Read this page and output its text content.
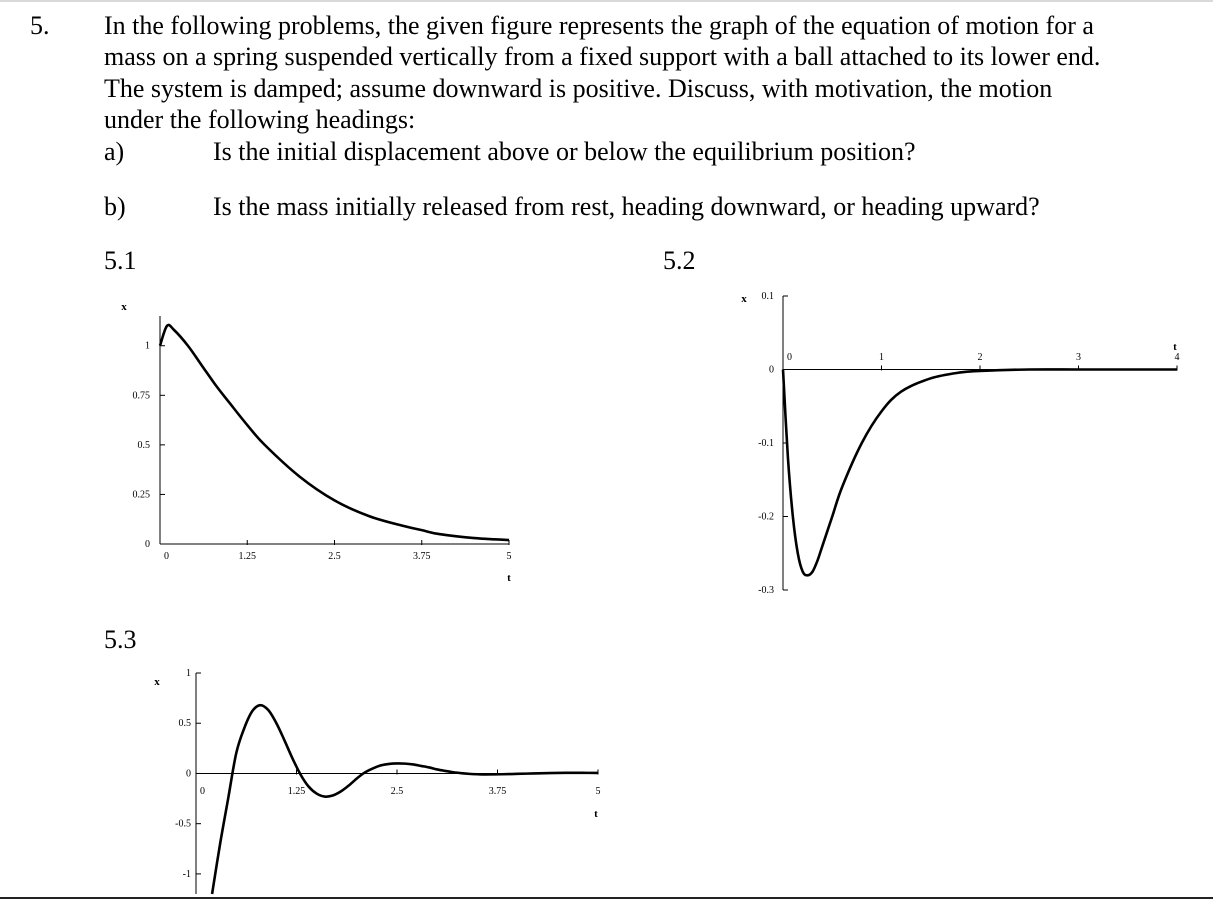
5. In the following problems, the given figure represents the graph of the equation of motion for a
mass on a spring suspended vertically from a fixed support with a ball attached to its lower end.
The system is damped; assume downward is positive. Discuss, with motivation, the motion
under the following headings:
a)	Is the initial displacement above or below the equilibrium position?
b)	Is the mass initially released from rest, heading downward, or heading upward?
5.1	5.2
5.3
0
0.25
0.5
0.75
1
0	1.25	2.5	3.75	5
x
t
0.1
0
-0.1
-0.2
-0.3
0	1	2	3	4
x
t
1
0.5
0
-0.5
-1
0	1.25	2.5	3.75	5
x
t
